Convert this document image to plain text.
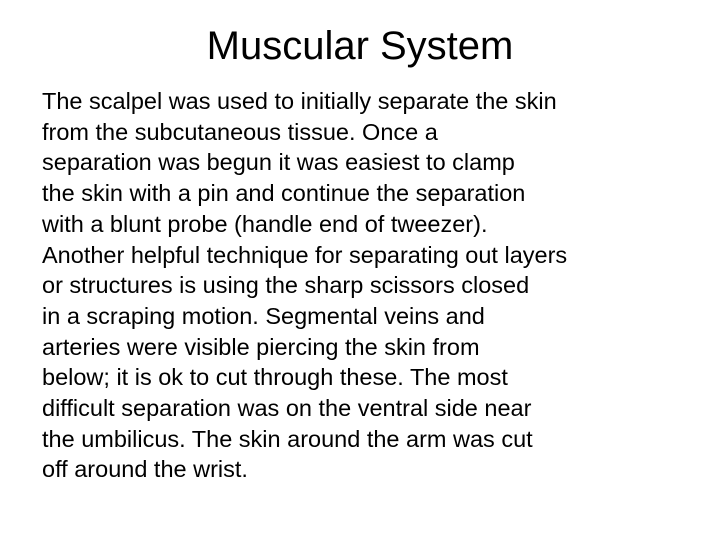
Muscular System

The scalpel was used to initially separate the skin
from the subcutaneous tissue. Once a
separation was begun it was easiest to clamp
the skin with a pin and continue the separation
with a blunt probe (handle end of tweezer).

Another helpful technique for separating out layers
or structures is using the sharp scissors closed
in a scraping motion. Segmental veins and
arteries were visible piercing the skin from
below; it is ok to cut through these. The most
difficult separation was on the ventral side near
the umbilicus. The skin around the arm was cut
off around the wrist.
